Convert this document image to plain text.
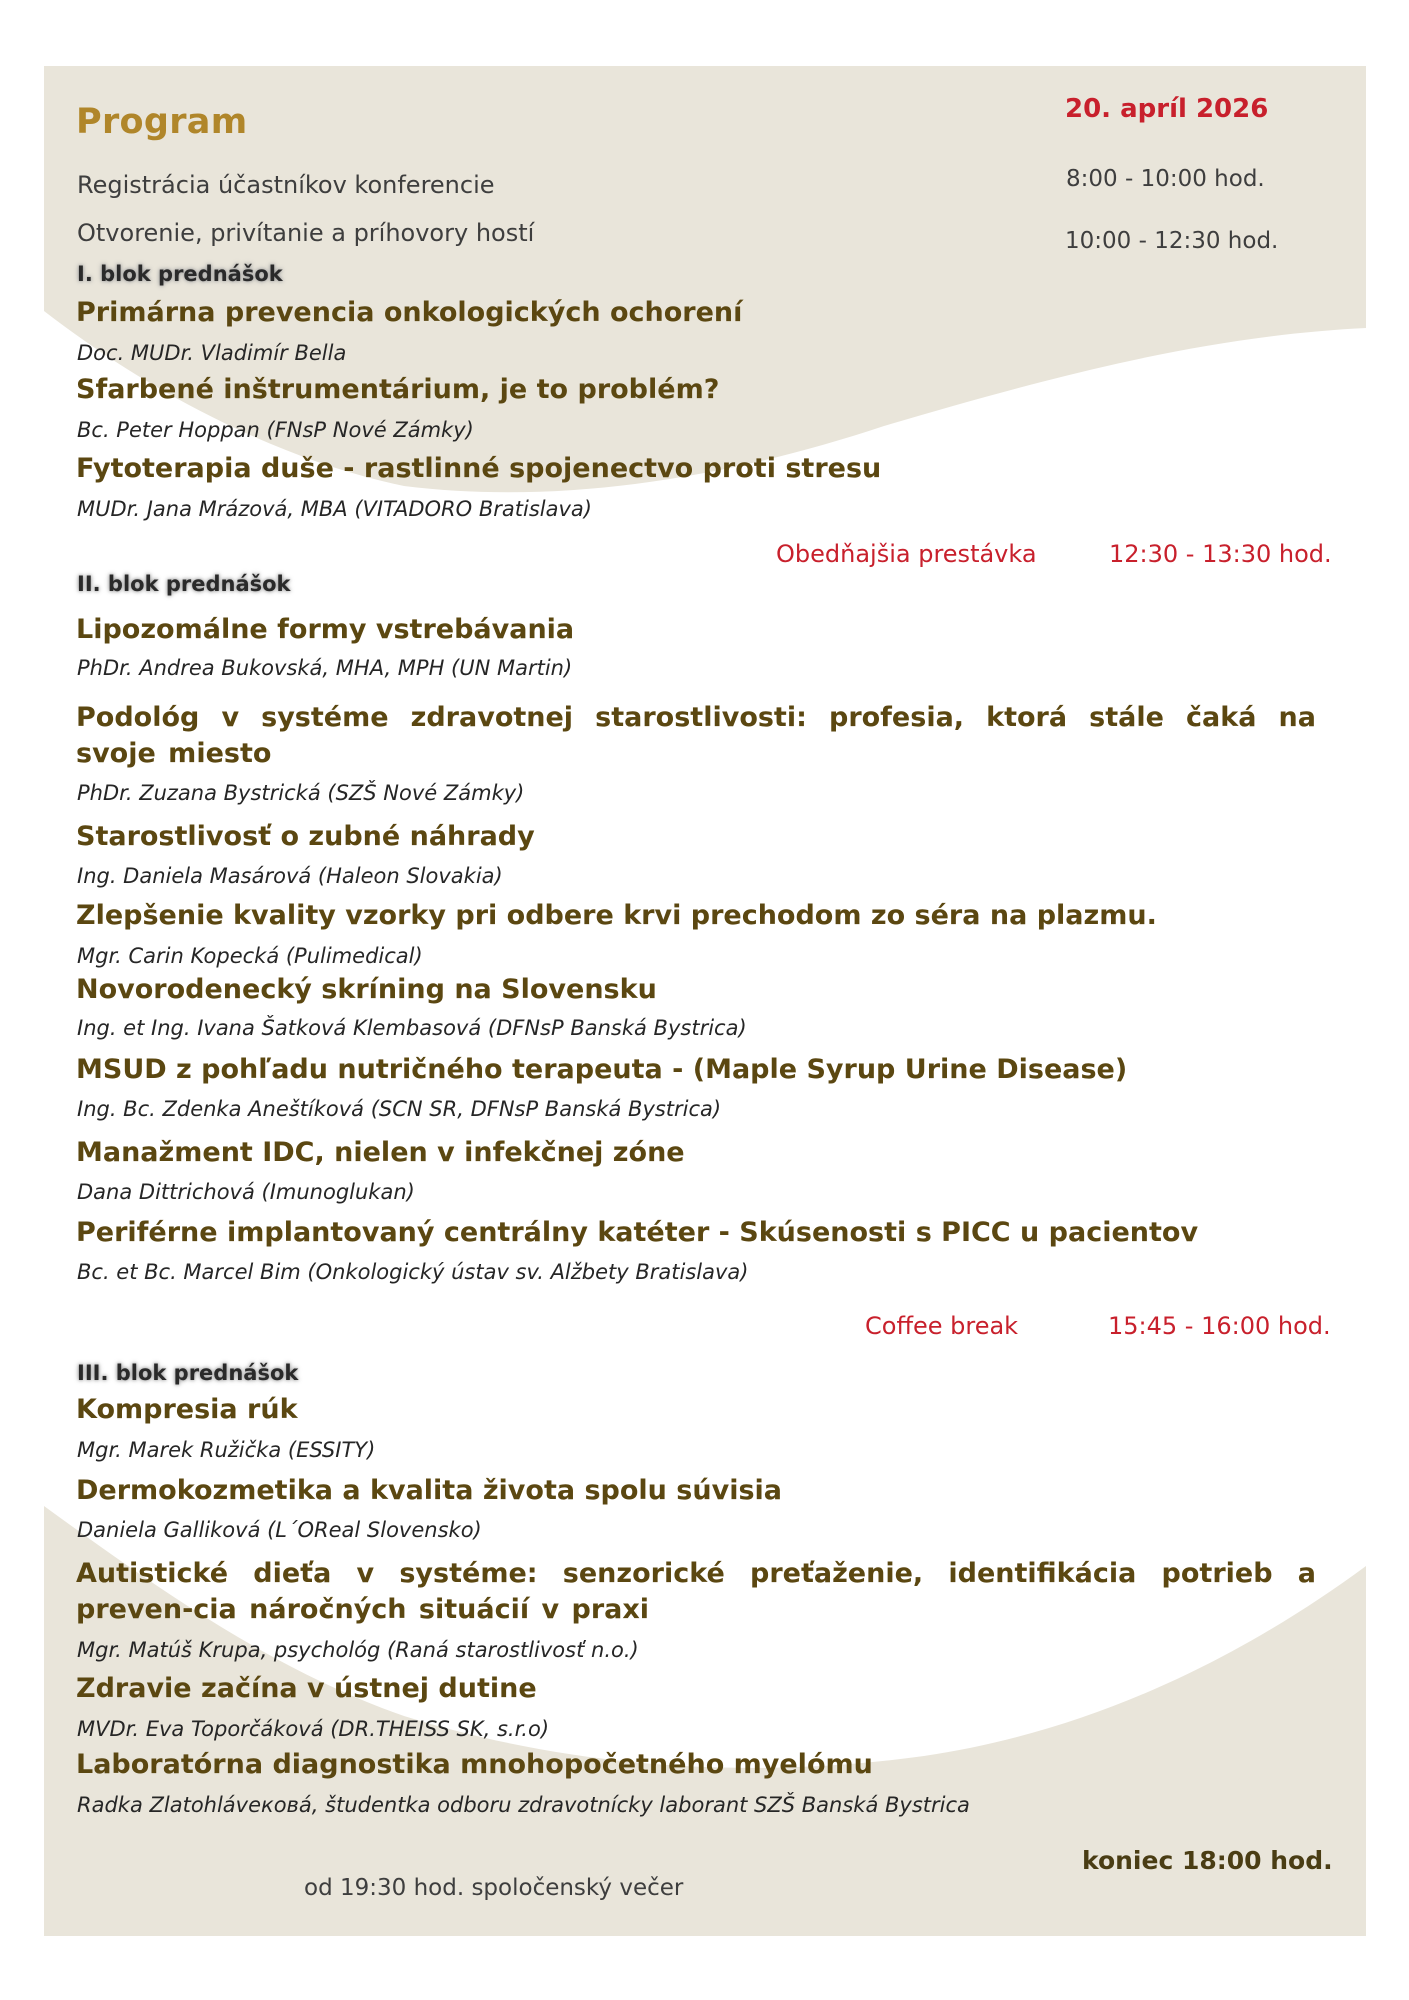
Program	20. apríl 2026
Registrácia účastníkov konferencie	8:00 - 10:00 hod.
Otvorenie, privítanie a príhovory hostí	10:00 - 12:30 hod.
I. blok prednášok
Primárna prevencia onkologických ochorení
Doc. MUDr. Vladimír Bella
Sfarbené inštrumentárium, je to problém?
Bc. Peter Hoppan (FNsP Nové Zámky)
Fytoterapia duše - rastlinné spojenectvo proti stresu
MUDr. Jana Mrázová, MBA (VITADORO Bratislava)
Obedňajšia prestávka	12:30 - 13:30 hod.
II. blok prednášok
Lipozomálne formy vstrebávania
PhDr. Andrea Bukovská, MHA, MPH (UN Martin)
Podológ v systéme zdravotnej starostlivosti: profesia, ktorá stále čaká na svoje miesto
PhDr. Zuzana Bystrická (SZŠ Nové Zámky)
Starostlivosť o zubné náhrady
Ing. Daniela Masárová (Haleon Slovakia)
Zlepšenie kvality vzorky pri odbere krvi prechodom zo séra na plazmu.
Mgr. Carin Kopecká (Pulimedical)
Novorodenecký skríning na Slovensku
Ing. et Ing. Ivana Šatková Klembasová (DFNsP Banská Bystrica)
MSUD z pohľadu nutričného terapeuta - (Maple Syrup Urine Disease)
Ing. Bc. Zdenka Aneštíková (SCN SR, DFNsP Banská Bystrica)
Manažment IDC, nielen v infekčnej zóne
Dana Dittrichová (Imunoglukan)
Periférne implantovaný centrálny katéter - Skúsenosti s PICC u pacientov
Bc. et Bc. Marcel Bim (Onkologický ústav sv. Alžbety Bratislava)
Coffee break	15:45 - 16:00 hod.
III. blok prednášok
Kompresia rúk
Mgr. Marek Ružička (ESSITY)
Dermokozmetika a kvalita života spolu súvisia
Daniela Galliková (L´OReal Slovensko)
Autistické dieťa v systéme: senzorické preťaženie, identifikácia potrieb a preven-cia náročných situácií v praxi
Mgr. Matúš Krupa, psychológ (Raná starostlivosť n.o.)
Zdravie začína v ústnej dutine
MVDr. Eva Toporčáková (DR.THEISS SK, s.r.o)
Laboratórna diagnostika mnohopočetného myelómu
Radka Zlatohlávековá, študentka odboru zdravotnícky laborant SZŠ Banská Bystrica
koniec 18:00 hod.
od 19:30 hod. spoločenský večer
